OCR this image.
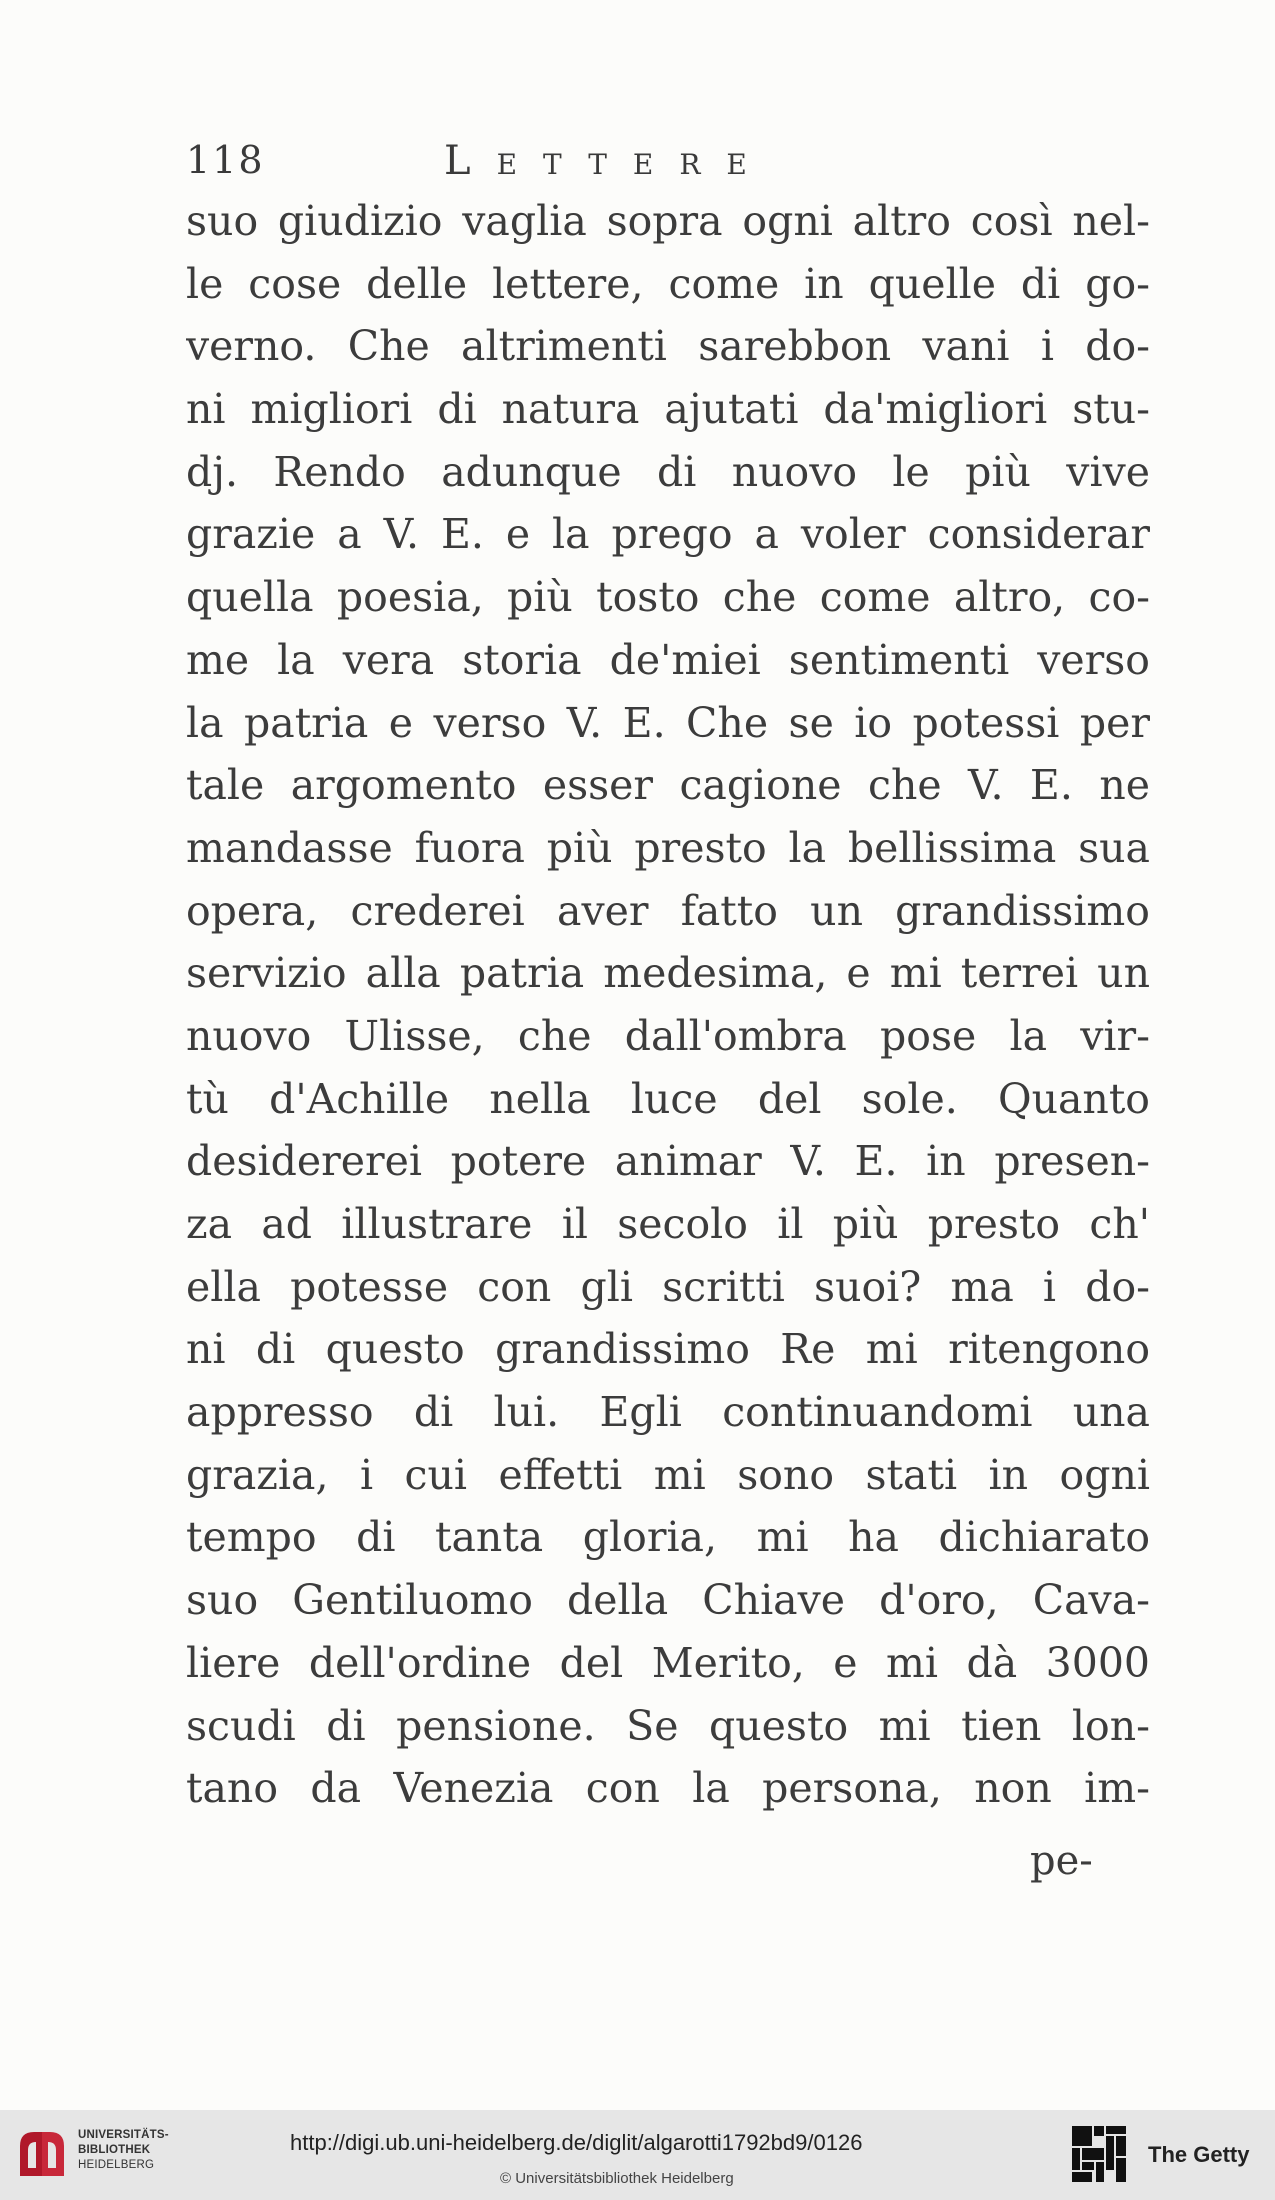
118	Lettere
suo giudizio vaglia sopra ogni altro così nel-
le cose delle lettere, come in quelle di go-
verno. Che altrimenti sarebbon vani i do-
ni migliori di natura ajutati da'migliori stu-
dj. Rendo adunque di nuovo le più vive
grazie a V. E. e la prego a voler considerar
quella poesia, più tosto che come altro, co-
me la vera storia de'miei sentimenti verso
la patria e verso V. E. Che se io potessi per
tale argomento esser cagione che V. E. ne
mandasse fuora più presto la bellissima sua
opera, crederei aver fatto un grandissimo
servizio alla patria medesima, e mi terrei un
nuovo Ulisse, che dall'ombra pose la vir-
tù d'Achille nella luce del sole. Quanto
desidererei potere animar V. E. in presen-
za ad illustrare il secolo il più presto ch'
ella potesse con gli scritti suoi? ma i do-
ni di questo grandissimo Re mi ritengono
appresso di lui. Egli continuandomi una
grazia, i cui effetti mi sono stati in ogni
tempo di tanta gloria, mi ha dichiarato
suo Gentiluomo della Chiave d'oro, Cava-
liere dell'ordine del Merito, e mi dà 3000
scudi di pensione. Se questo mi tien lon-
tano da Venezia con la persona, non im-
pe-
UNIVERSITÄTS-
BIBLIOTHEK
HEIDELBERG
http://digi.ub.uni-heidelberg.de/diglit/algarotti1792bd9/0126
© Universitätsbibliothek Heidelberg
The Getty
